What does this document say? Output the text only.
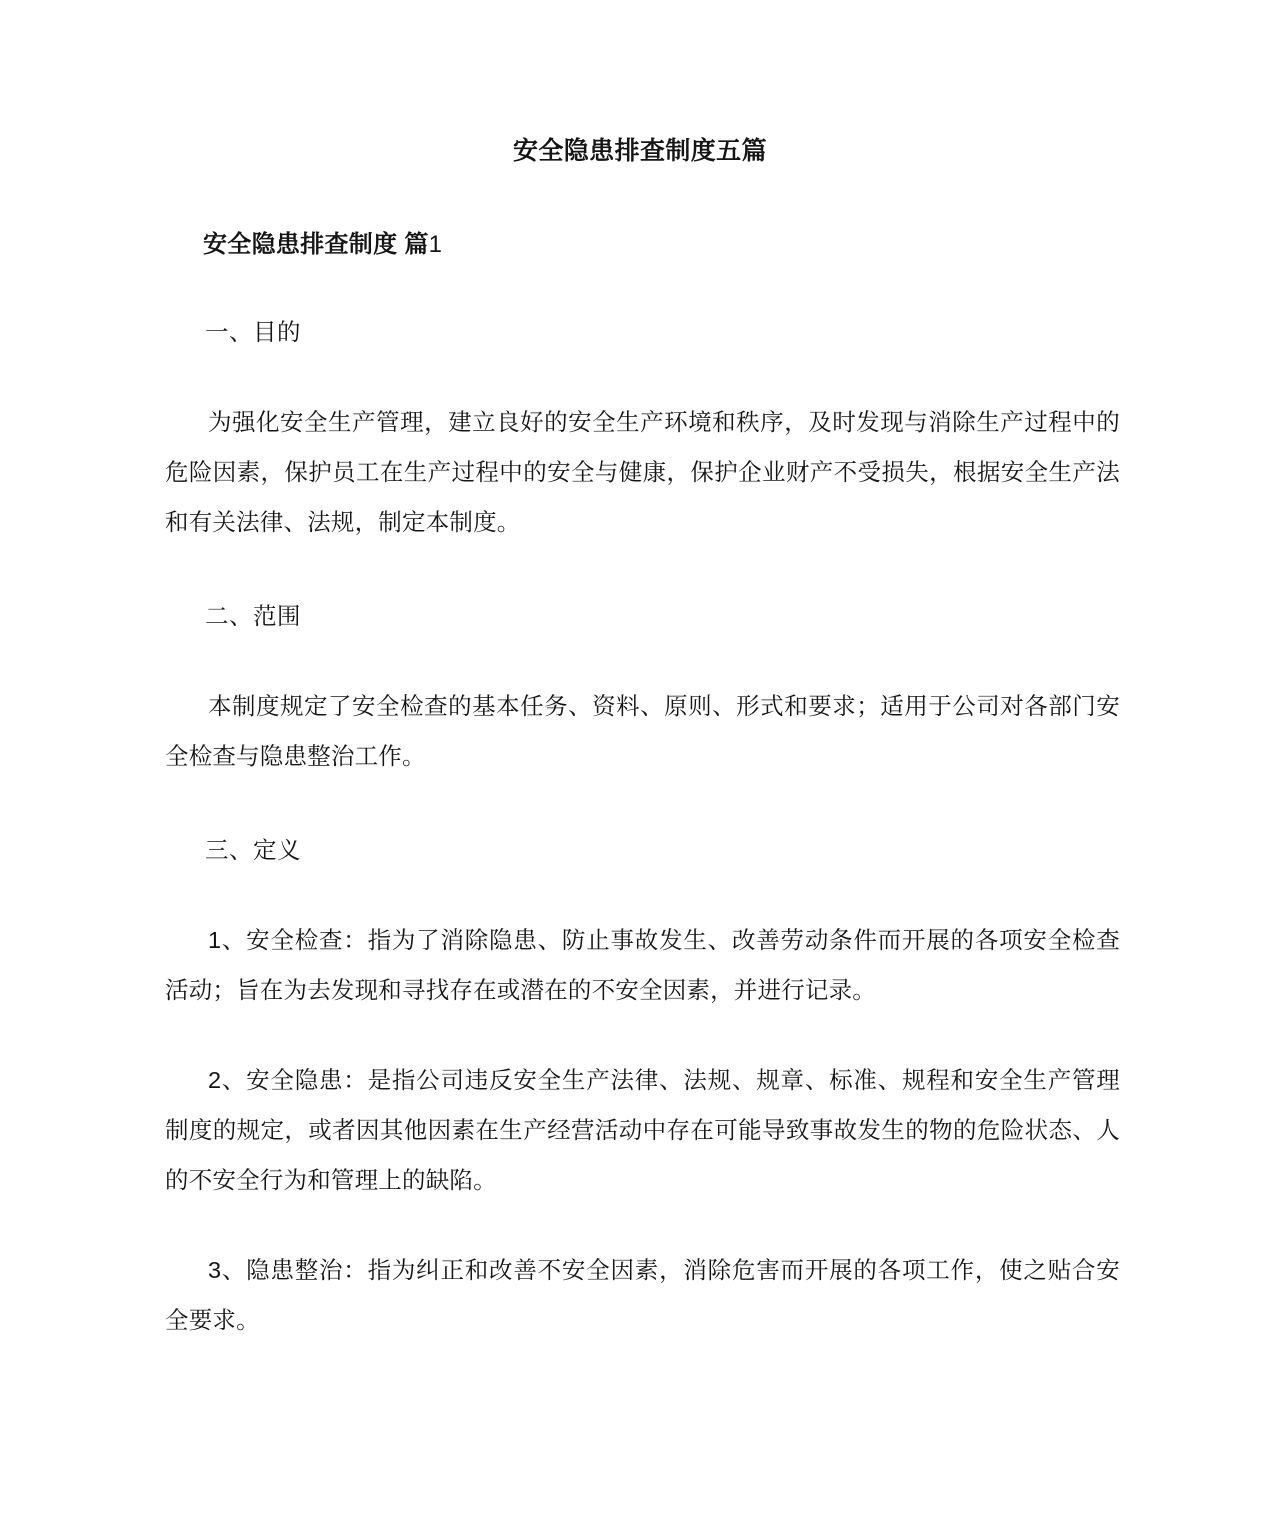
安全隐患排查制度五篇
安全隐患排查制度 篇1

一、目的

为强化安全生产管理，建立良好的安全生产环境和秩序，及时发现与消除生产过程中的危险因素，保护员工在生产过程中的安全与健康，保护企业财产不受损失，根据安全生产法和有关法律、法规，制定本制度。

二、范围

本制度规定了安全检查的基本任务、资料、原则、形式和要求；适用于公司对各部门安全检查与隐患整治工作。

三、定义

1、安全检查：指为了消除隐患、防止事故发生、改善劳动条件而开展的各项安全检查活动；旨在为去发现和寻找存在或潜在的不安全因素，并进行记录。

2、安全隐患：是指公司违反安全生产法律、法规、规章、标准、规程和安全生产管理制度的规定，或者因其他因素在生产经营活动中存在可能导致事故发生的物的危险状态、人的不安全行为和管理上的缺陷。

3、隐患整治：指为纠正和改善不安全因素，消除危害而开展的各项工作，使之贴合安全要求。
